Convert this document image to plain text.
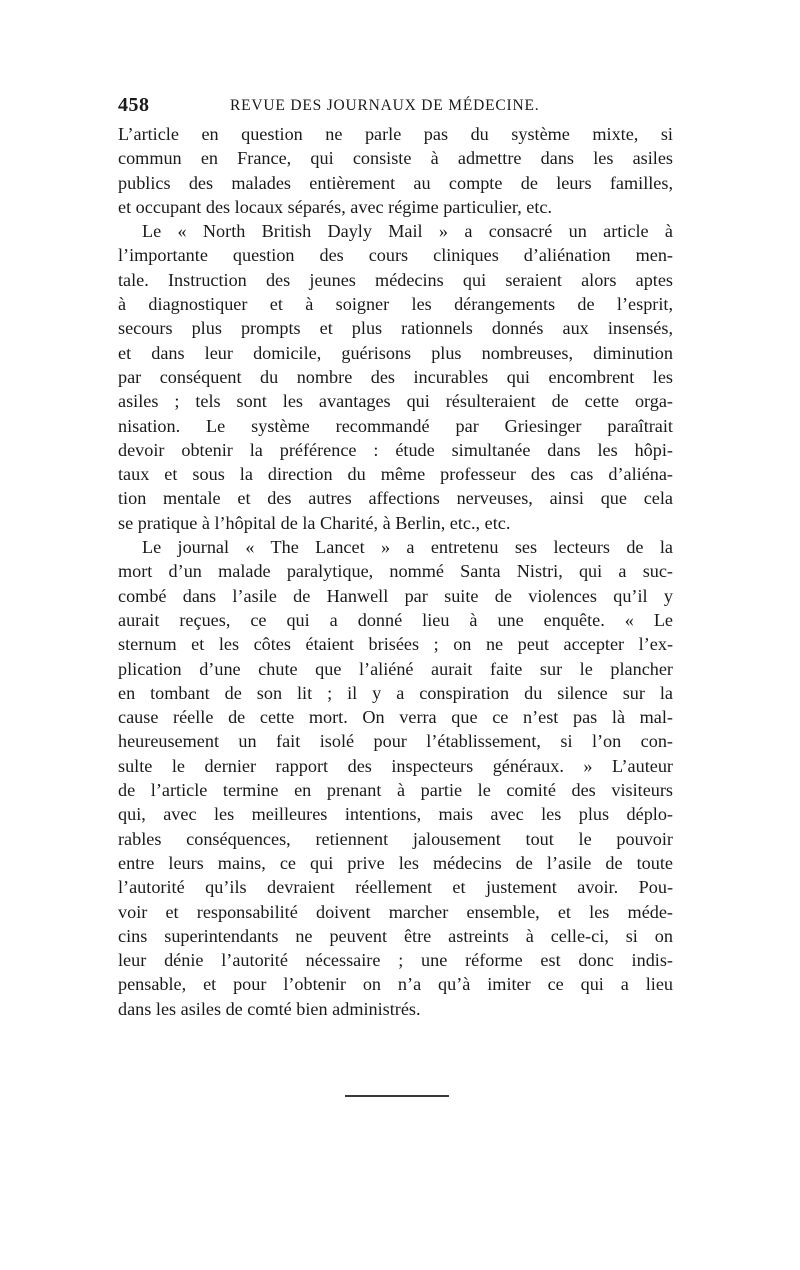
458	REVUE DES JOURNAUX DE MÉDECINE.
L’article en question ne parle pas du système mixte, si
commun en France, qui consiste à admettre dans les asiles
publics des malades entièrement au compte de leurs familles,
et occupant des locaux séparés, avec régime particulier, etc.
Le « North British Dayly Mail » a consacré un article à
l’importante question des cours cliniques d’aliénation men-
tale. Instruction des jeunes médecins qui seraient alors aptes
à diagnostiquer et à soigner les dérangements de l’esprit,
secours plus prompts et plus rationnels donnés aux insensés,
et dans leur domicile, guérisons plus nombreuses, diminution
par conséquent du nombre des incurables qui encombrent les
asiles ; tels sont les avantages qui résulteraient de cette orga-
nisation. Le système recommandé par Griesinger paraîtrait
devoir obtenir la préférence : étude simultanée dans les hôpi-
taux et sous la direction du même professeur des cas d’aliéna-
tion mentale et des autres affections nerveuses, ainsi que cela
se pratique à l’hôpital de la Charité, à Berlin, etc., etc.
Le journal « The Lancet » a entretenu ses lecteurs de la
mort d’un malade paralytique, nommé Santa Nistri, qui a suc-
combé dans l’asile de Hanwell par suite de violences qu’il y
aurait reçues, ce qui a donné lieu à une enquête. « Le
sternum et les côtes étaient brisées ; on ne peut accepter l’ex-
plication d’une chute que l’aliéné aurait faite sur le plancher
en tombant de son lit ; il y a conspiration du silence sur la
cause réelle de cette mort. On verra que ce n’est pas là mal-
heureusement un fait isolé pour l’établissement, si l’on con-
sulte le dernier rapport des inspecteurs généraux. » L’auteur
de l’article termine en prenant à partie le comité des visiteurs
qui, avec les meilleures intentions, mais avec les plus déplo-
rables conséquences, retiennent jalousement tout le pouvoir
entre leurs mains, ce qui prive les médecins de l’asile de toute
l’autorité qu’ils devraient réellement et justement avoir. Pou-
voir et responsabilité doivent marcher ensemble, et les méde-
cins superintendants ne peuvent être astreints à celle-ci, si on
leur dénie l’autorité nécessaire ; une réforme est donc indis-
pensable, et pour l’obtenir on n’a qu’à imiter ce qui a lieu
dans les asiles de comté bien administrés.
